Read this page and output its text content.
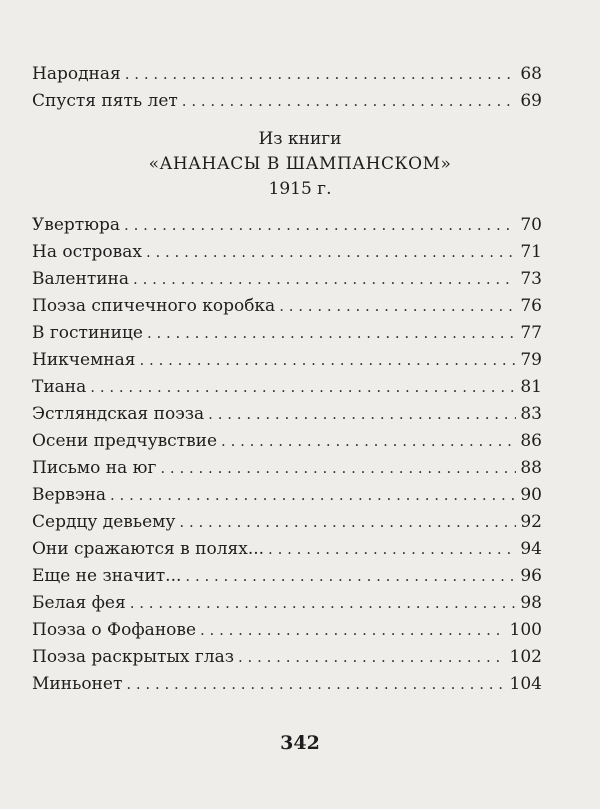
Народная . . .	68
Спустя пять лет . . .	69
Из книги
«АНАНАСЫ В ШАМПАНСКОМ»
1915 г.
Увертюра . . .	70
На островах . . .	71
Валентина . . .	73
Поэза спичечного коробка . . .	76
В гостинице . . .	77
Никчемная . . .	79
Тиана . . .	81
Эстляндская поэза . . .	83
Осени предчувствие . . .	86
Письмо на юг . . .	88
Вервэна . . .	90
Сердцу девьему . . .	92
Они сражаются в полях... . . .	94
Еще не значит... . . .	96
Белая фея . . .	98
Поэза о Фофанове . . .	100
Поэза раскрытых глаз . . .	102
Миньонет . . .	104
342
